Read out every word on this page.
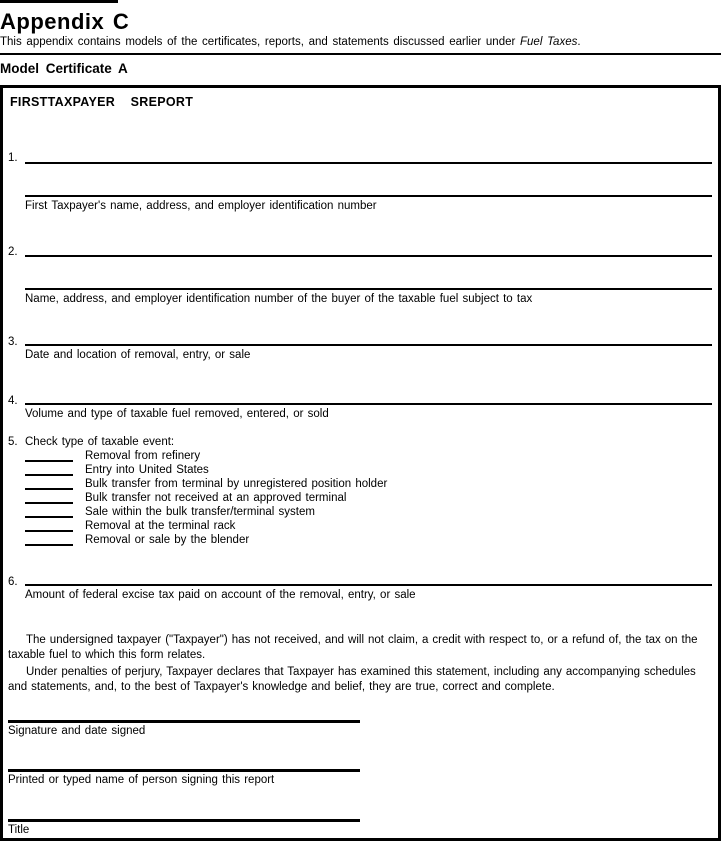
Appendix C
This appendix contains models of the certificates, reports, and statements discussed earlier under Fuel Taxes.
Model Certificate A
FIRSTTAXPAYER  SREPORT
1.
First Taxpayer's name, address, and employer identification number
2.
Name, address, and employer identification number of the buyer of the taxable fuel subject to tax
3.
Date and location of removal, entry, or sale
4.
Volume and type of taxable fuel removed, entered, or sold
5. Check type of taxable event:
Removal from refinery
Entry into United States
Bulk transfer from terminal by unregistered position holder
Bulk transfer not received at an approved terminal
Sale within the bulk transfer/terminal system
Removal at the terminal rack
Removal or sale by the blender
6.
Amount of federal excise tax paid on account of the removal, entry, or sale
The undersigned taxpayer ("Taxpayer") has not received, and will not claim, a credit with respect to, or a refund of, the tax on the taxable fuel to which this form relates.
Under penalties of perjury, Taxpayer declares that Taxpayer has examined this statement, including any accompanying schedules and statements, and, to the best of Taxpayer's knowledge and belief, they are true, correct and complete.
Signature and date signed
Printed or typed name of person signing this report
Title
